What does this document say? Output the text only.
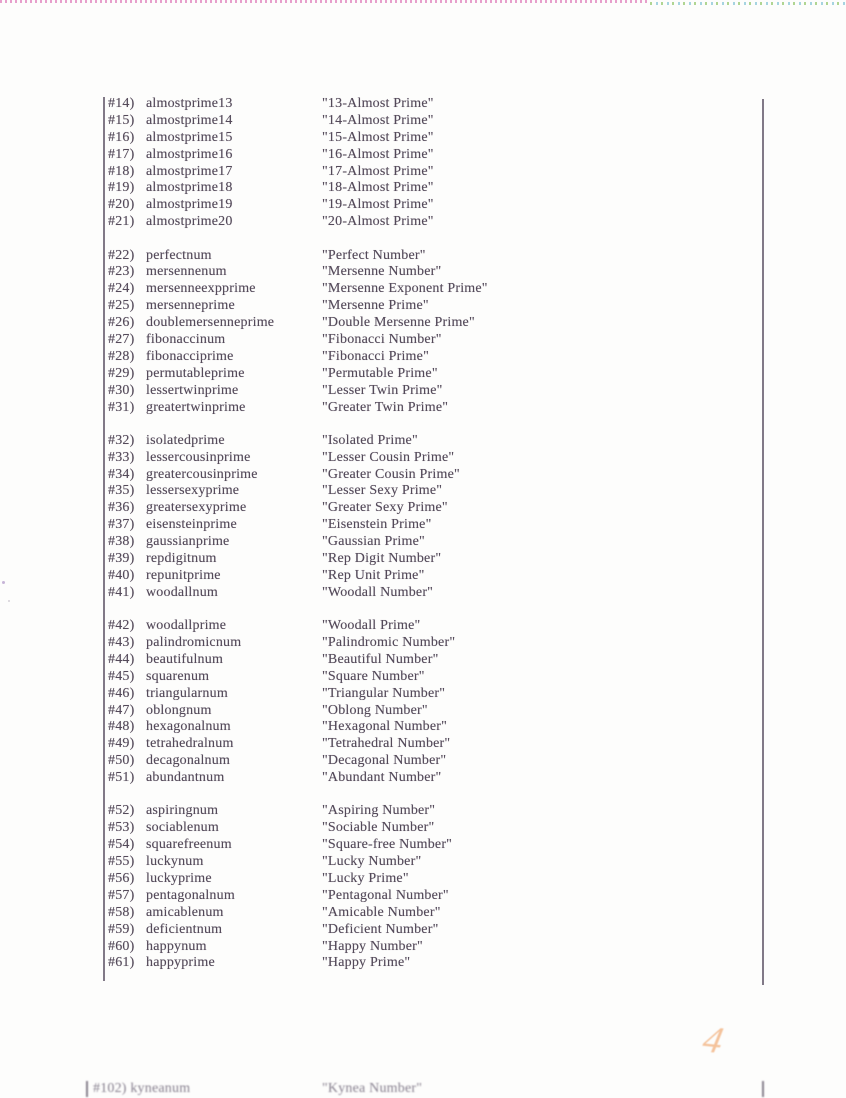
#14) almostprime13	"13-Almost Prime"
#15) almostprime14	"14-Almost Prime"
#16) almostprime15	"15-Almost Prime"
#17) almostprime16	"16-Almost Prime"
#18) almostprime17	"17-Almost Prime"
#19) almostprime18	"18-Almost Prime"
#20) almostprime19	"19-Almost Prime"
#21) almostprime20	"20-Almost Prime"
#22) perfectnum	"Perfect Number"
#23) mersennenum	"Mersenne Number"
#24) mersenneexpprime	"Mersenne Exponent Prime"
#25) mersenneprime	"Mersenne Prime"
#26) doublemersenneprime	"Double Mersenne Prime"
#27) fibonaccinum	"Fibonacci Number"
#28) fibonacciprime	"Fibonacci Prime"
#29) permutableprime	"Permutable Prime"
#30) lessertwinprime	"Lesser Twin Prime"
#31) greatertwinprime	"Greater Twin Prime"
#32) isolatedprime	"Isolated Prime"
#33) lessercousinprime	"Lesser Cousin Prime"
#34) greatercousinprime	"Greater Cousin Prime"
#35) lessersexyprime	"Lesser Sexy Prime"
#36) greatersexyprime	"Greater Sexy Prime"
#37) eisensteinprime	"Eisenstein Prime"
#38) gaussianprime	"Gaussian Prime"
#39) repdigitnum	"Rep Digit Number"
#40) repunitprime	"Rep Unit Prime"
#41) woodallnum	"Woodall Number"
#42) woodallprime	"Woodall Prime"
#43) palindromicnum	"Palindromic Number"
#44) beautifulnum	"Beautiful Number"
#45) squarenum	"Square Number"
#46) triangularnum	"Triangular Number"
#47) oblongnum	"Oblong Number"
#48) hexagonalnum	"Hexagonal Number"
#49) tetrahedralnum	"Tetrahedral Number"
#50) decagonalnum	"Decagonal Number"
#51) abundantnum	"Abundant Number"
#52) aspiringnum	"Aspiring Number"
#53) sociablenum	"Sociable Number"
#54) squarefreenum	"Square-free Number"
#55) luckynum	"Lucky Number"
#56) luckyprime	"Lucky Prime"
#57) pentagonalnum	"Pentagonal Number"
#58) amicablenum	"Amicable Number"
#59) deficientnum	"Deficient Number"
#60) happynum	"Happy Number"
#61) happyprime	"Happy Prime"
4
#102) kyneanum	"Kynea Number"
